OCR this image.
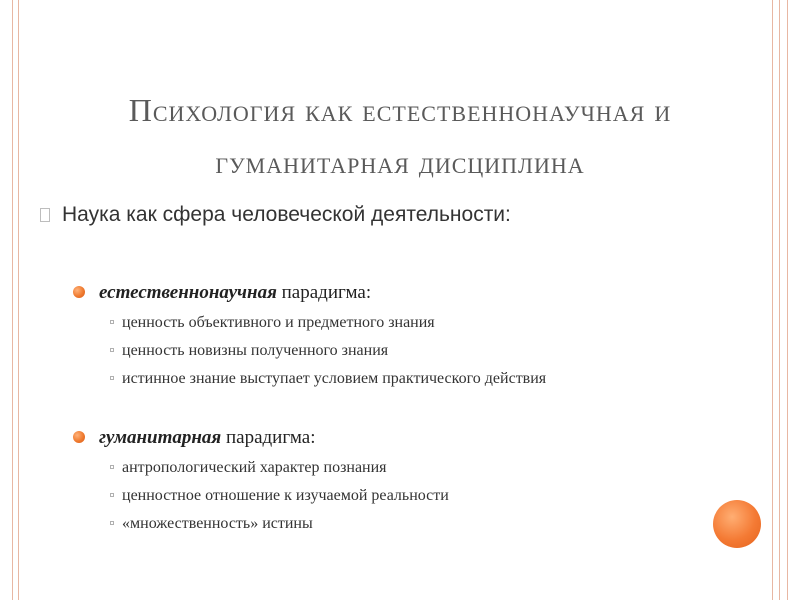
Психология как естественнонаучная и
гуманитарная дисциплина
Наука как сфера человеческой деятельности:
естественнонаучная парадигма:
ценность объективного и предметного знания
ценность новизны полученного знания
истинное знание выступает условием практического действия
гуманитарная парадигма:
антропологический характер познания
ценностное отношение к изучаемой реальности
«множественность» истины
